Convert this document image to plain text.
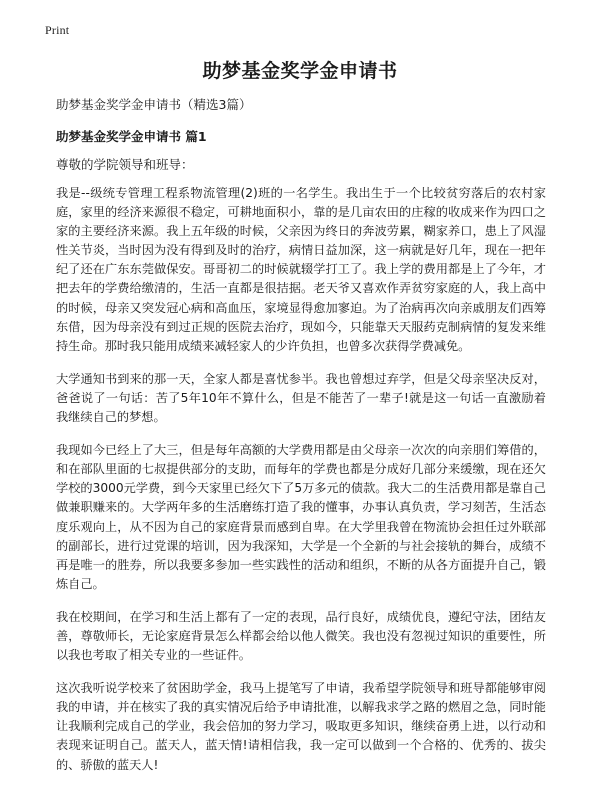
Print
助梦基金奖学金申请书
助梦基金奖学金申请书（精选3篇）
助梦基金奖学金申请书 篇1
尊敬的学院领导和班导：

我是--级统专管理工程系物流管理(2)班的一名学生。我出生于一个比较贫穷落后的农村家庭，家里的经济来源很不稳定，可耕地面积小，靠的是几亩农田的庄稼的收成来作为四口之家的主要经济来源。我上五年级的时候，父亲因为终日的奔波劳累，糊家养口，患上了风湿性关节炎，当时因为没有得到及时的治疗，病情日益加深，这一病就是好几年，现在一把年纪了还在广东东莞做保安。哥哥初二的时候就辍学打工了。我上学的费用都是上了今年，才把去年的学费给缴清的，生活一直都是很拮据。老天爷又喜欢作弄贫穷家庭的人，我上高中的时候，母亲又突发冠心病和高血压，家境显得愈加寥迫。为了治病再次向亲戚朋友们西筹东借，因为母亲没有到过正规的医院去治疗，现如今，只能靠天天服药克制病情的复发来维持生命。那时我只能用成绩来减轻家人的少许负担，也曾多次获得学费减免。

大学通知书到来的那一天，全家人都是喜忧参半。我也曾想过弃学，但是父母亲坚决反对，爸爸说了一句话：苦了5年10年不算什么，但是不能苦了一辈子!就是这一句话一直激励着我继续自己的梦想。

我现如今已经上了大三，但是每年高额的大学费用都是由父母亲一次次的向亲朋们筹借的，和在部队里面的七叔提供部分的支助，而每年的学费也都是分成好几部分来缓缴，现在还欠学校的3000元学费，到今天家里已经欠下了5万多元的债款。我大二的生活费用都是靠自己做兼职赚来的。大学两年多的生活磨练打造了我的懂事，办事认真负责，学习刻苦，生活态度乐观向上，从不因为自己的家庭背景而感到自卑。在大学里我曾在物流协会担任过外联部的副部长，进行过党课的培训，因为我深知，大学是一个全新的与社会接轨的舞台，成绩不再是唯一的胜券，所以我要多参加一些实践性的活动和组织，不断的从各方面提升自己，锻炼自己。

我在校期间，在学习和生活上都有了一定的表现，品行良好，成绩优良，遵纪守法，团结友善，尊敬师长，无论家庭背景怎么样都会给以他人微笑。我也没有忽视过知识的重要性，所以我也考取了相关专业的一些证件。

这次我听说学校来了贫困助学金，我马上提笔写了申请，我希望学院领导和班导都能够审阅我的申请，并在核实了我的真实情况后给予申请批准，以解我求学之路的燃眉之急，同时能让我顺利完成自己的学业，我会倍加的努力学习，吸取更多知识，继续奋勇上进，以行动和表现来证明自己。蓝天人，蓝天情!请相信我，我一定可以做到一个合格的、优秀的、拔尖的、骄傲的蓝天人!
